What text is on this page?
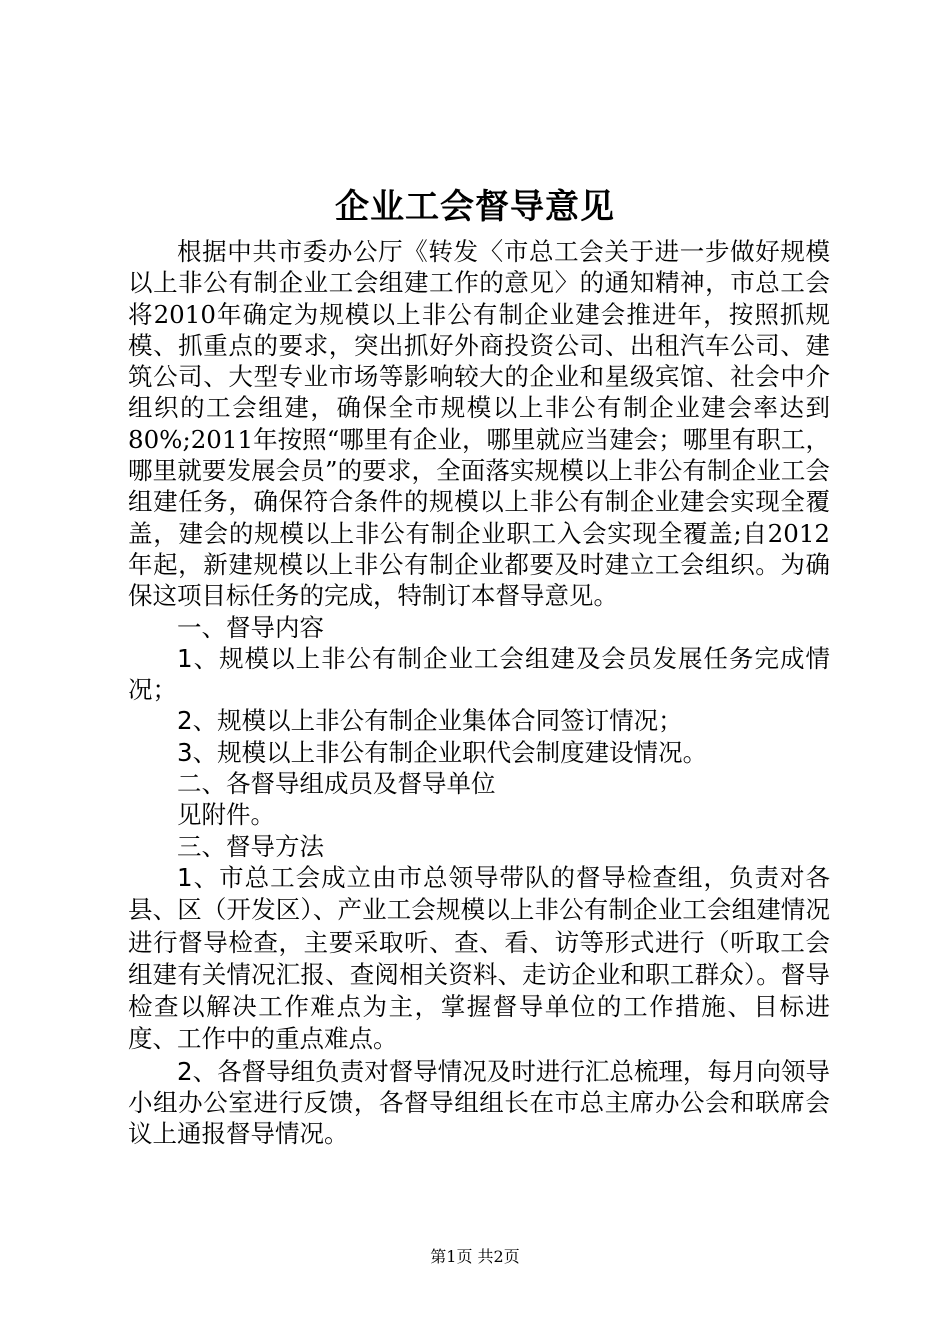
企业工会督导意见

根据中共市委办公厅《转发〈市总工会关于进一步做好规模以上非公有制企业工会组建工作的意见〉的通知精神，市总工会将2010年确定为规模以上非公有制企业建会推进年，按照抓规模、抓重点的要求，突出抓好外商投资公司、出租汽车公司、建筑公司、大型专业市场等影响较大的企业和星级宾馆、社会中介组织的工会组建，确保全市规模以上非公有制企业建会率达到80%;2011年按照“哪里有企业，哪里就应当建会；哪里有职工，哪里就要发展会员”的要求，全面落实规模以上非公有制企业工会组建任务，确保符合条件的规模以上非公有制企业建会实现全覆盖，建会的规模以上非公有制企业职工入会实现全覆盖;自2012年起，新建规模以上非公有制企业都要及时建立工会组织。为确保这项目标任务的完成，特制订本督导意见。

一、督导内容

1、规模以上非公有制企业工会组建及会员发展任务完成情况；

2、规模以上非公有制企业集体合同签订情况；

3、规模以上非公有制企业职代会制度建设情况。

二、各督导组成员及督导单位

见附件。

三、督导方法

1、市总工会成立由市总领导带队的督导检查组，负责对各县、区（开发区）、产业工会规模以上非公有制企业工会组建情况进行督导检查，主要采取听、查、看、访等形式进行（听取工会组建有关情况汇报、查阅相关资料、走访企业和职工群众）。督导检查以解决工作难点为主，掌握督导单位的工作措施、目标进度、工作中的重点难点。

2、各督导组负责对督导情况及时进行汇总梳理，每月向领导小组办公室进行反馈，各督导组组长在市总主席办公会和联席会议上通报督导情况。

第1页 共2页
